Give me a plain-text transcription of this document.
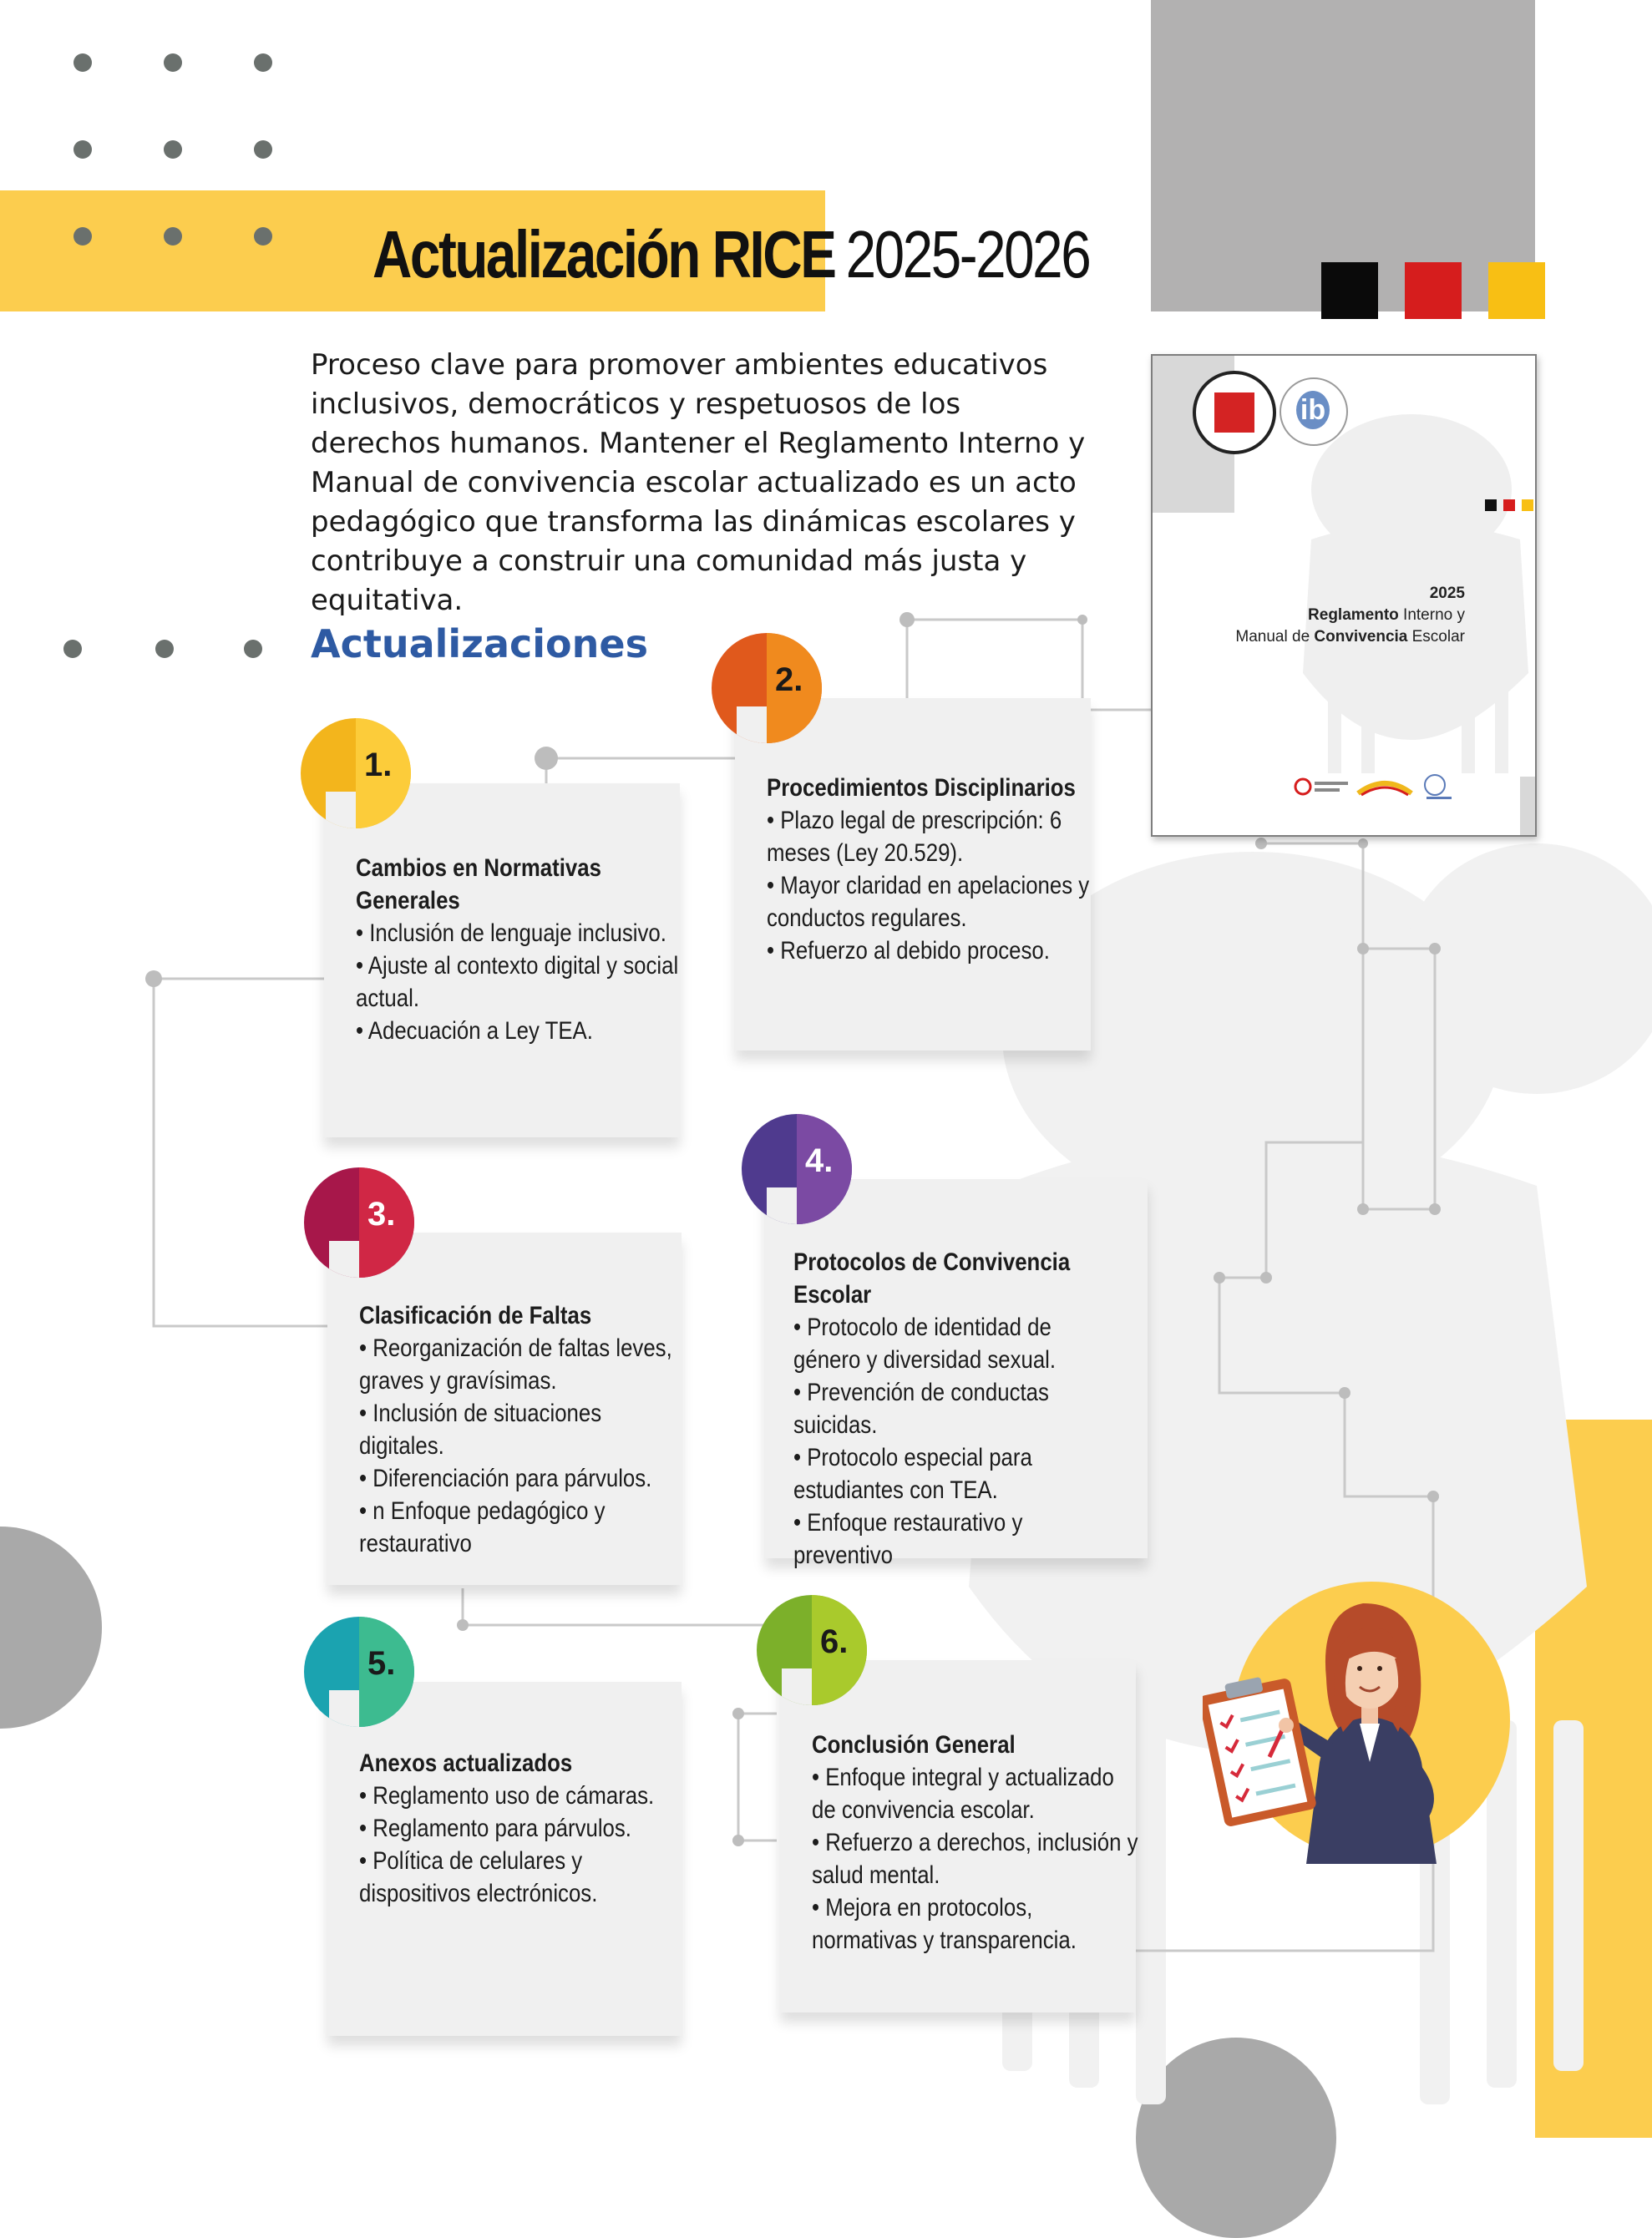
Actualización RICE 2025-2026
Proceso clave para promover ambientes educativos inclusivos, democráticos y respetuosos de los derechos humanos. Mantener el Reglamento Interno y Manual de convivencia escolar actualizado es un acto pedagógico que transforma las dinámicas escolares y contribuye a construir una comunidad más justa y equitativa.
Actualizaciones
ib
2025
Reglamento Interno y
Manual de Convivencia Escolar
Cambios en Normativas Generales
• Inclusión de lenguaje inclusivo.
• Ajuste al contexto digital y social actual.
• Adecuación a Ley TEA.
1.
Procedimientos Disciplinarios
• Plazo legal de prescripción: 6 meses (Ley 20.529).
• Mayor claridad en apelaciones y conductos regulares.
• Refuerzo al debido proceso.
2.
Clasificación de Faltas
• Reorganización de faltas leves, graves y gravísimas.
• Inclusión de situaciones digitales.
• Diferenciación para párvulos.
• n Enfoque pedagógico y restaurativo
3.
Protocolos de Convivencia Escolar
• Protocolo de identidad de género y diversidad sexual.
• Prevención de conductas suicidas.
• Protocolo especial para estudiantes con TEA.
• Enfoque restaurativo y preventivo
4.
Anexos actualizados
• Reglamento uso de cámaras.
• Reglamento para párvulos.
• Política de celulares y dispositivos electrónicos.
5.
Conclusión General
• Enfoque integral y actualizado de convivencia escolar.
• Refuerzo a derechos, inclusión y salud mental.
• Mejora en protocolos, normativas y transparencia.
6.
